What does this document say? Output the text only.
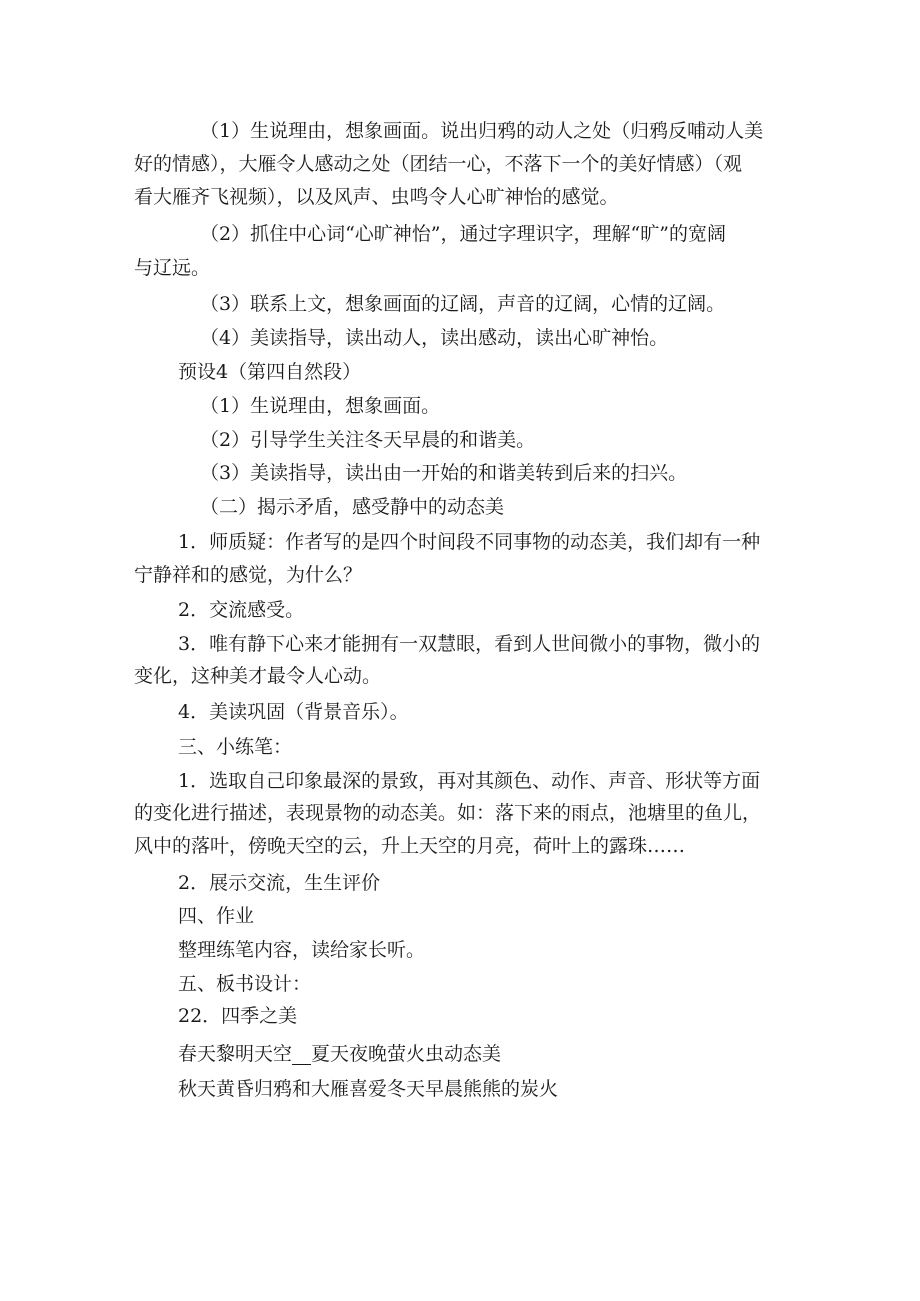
（1）生说理由，想象画面。说出归鸦的动人之处（归鸦反哺动人美
好的情感），大雁令人感动之处（团结一心，不落下一个的美好情感）（观
看大雁齐飞视频），以及风声、虫鸣令人心旷神怡的感觉。
（2）抓住中心词“心旷神怡”，通过字理识字，理解“旷”的宽阔
与辽远。
（3）联系上文，想象画面的辽阔，声音的辽阔，心情的辽阔。
（4）美读指导，读出动人，读出感动，读出心旷神怡。
预设4（第四自然段）
（1）生说理由，想象画面。
（2）引导学生关注冬天早晨的和谐美。
（3）美读指导，读出由一开始的和谐美转到后来的扫兴。
（二）揭示矛盾，感受静中的动态美
1．师质疑：作者写的是四个时间段不同事物的动态美，我们却有一种
宁静祥和的感觉，为什么？
2．交流感受。
3．唯有静下心来才能拥有一双慧眼，看到人世间微小的事物，微小的
变化，这种美才最令人心动。
4．美读巩固（背景音乐）。
三、小练笔：
1．选取自己印象最深的景致，再对其颜色、动作、声音、形状等方面
的变化进行描述，表现景物的动态美。如：落下来的雨点，池塘里的鱼儿，
风中的落叶，傍晚天空的云，升上天空的月亮，荷叶上的露珠……
2．展示交流，生生评价
四、作业
整理练笔内容，读给家长听。
五、板书设计：
22．四季之美
春天黎明天空   夏天夜晚萤火虫动态美
秋天黄昏归鸦和大雁喜爱冬天早晨熊熊的炭火
